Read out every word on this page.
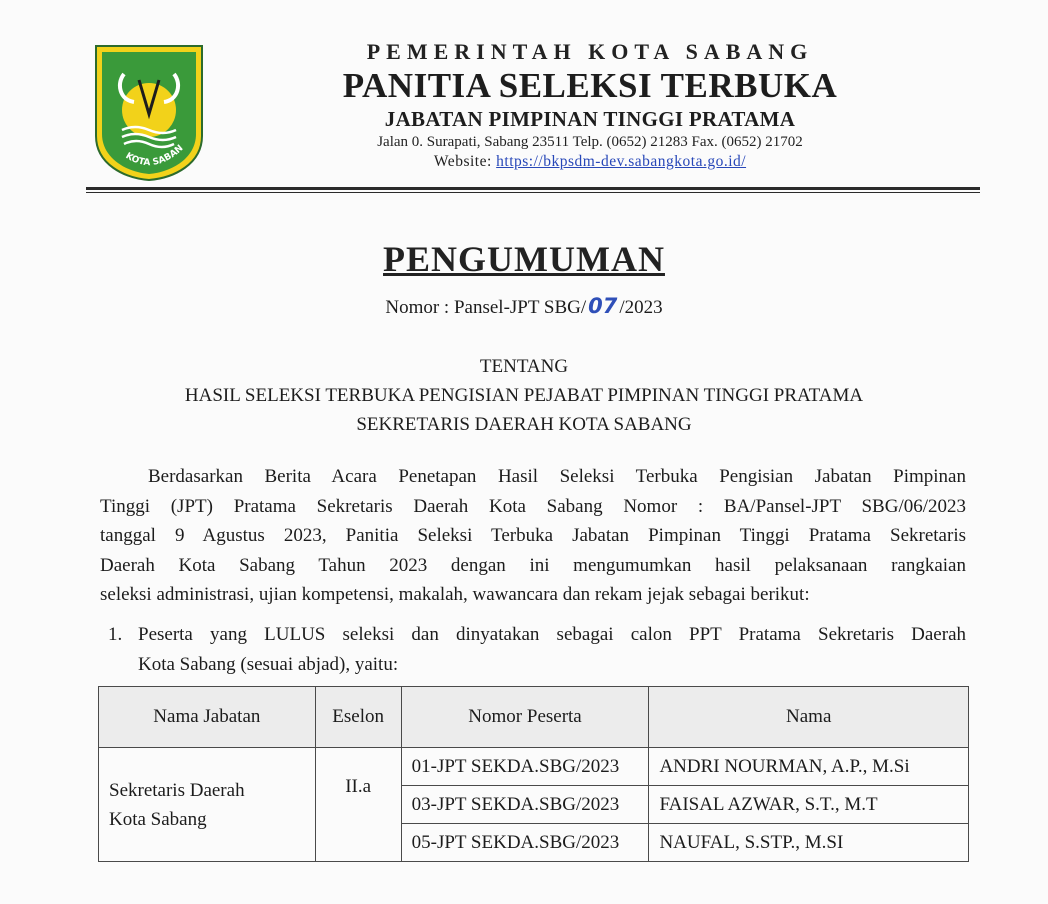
KOTA SABAN
PEMERINTAH KOTA SABANG
PANITIA SELEKSI TERBUKA
JABATAN PIMPINAN TINGGI PRATAMA
Jalan 0. Surapati, Sabang 23511 Telp. (0652) 21283 Fax. (0652) 21702
Website: https://bkpsdm-dev.sabangkota.go.id/
PENGUMUMAN
Nomor : Pansel-JPT SBG/07 /2023
TENTANG
HASIL SELEKSI TERBUKA PENGISIAN PEJABAT PIMPINAN TINGGI PRATAMA
SEKRETARIS DAERAH KOTA SABANG
Berdasarkan Berita Acara Penetapan Hasil Seleksi Terbuka Pengisian Jabatan Pimpinan
Tinggi (JPT) Pratama Sekretaris Daerah Kota Sabang Nomor : BA/Pansel-JPT SBG/06/2023
tanggal 9 Agustus 2023, Panitia Seleksi Terbuka Jabatan Pimpinan Tinggi Pratama Sekretaris
Daerah Kota Sabang Tahun 2023 dengan ini mengumumkan hasil pelaksanaan rangkaian
seleksi administrasi, ujian kompetensi, makalah, wawancara dan rekam jejak sebagai berikut:
1. Peserta yang LULUS seleksi dan dinyatakan sebagai calon PPT Pratama Sekretaris Daerah
Kota Sabang (sesuai abjad), yaitu:
Nama Jabatan	Eselon	Nomor Peserta	Nama

Sekretaris Daerah
Kota Sabang	II.a	01-JPT SEKDA.SBG/2023	ANDRI NOURMAN, A.P., M.Si
		03-JPT SEKDA.SBG/2023	FAISAL AZWAR, S.T., M.T
		05-JPT SEKDA.SBG/2023	NAUFAL, S.STP., M.SI
